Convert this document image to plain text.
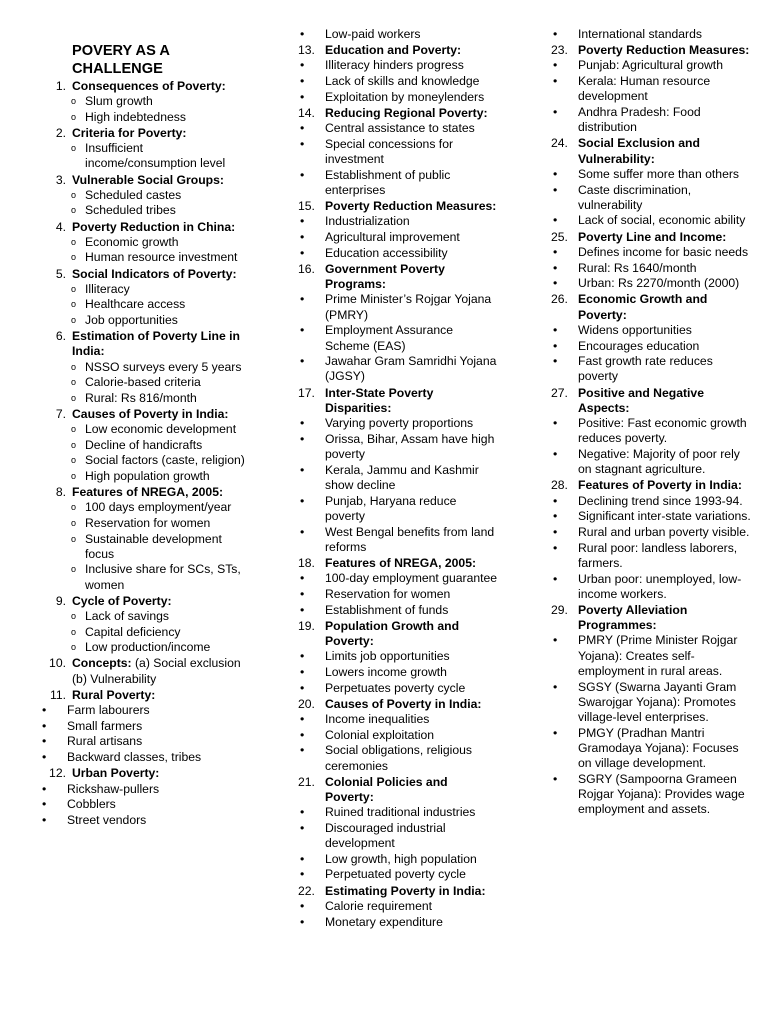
POVERY AS A CHALLENGE
1. Consequences of Poverty:
o Slum growth
o High indebtedness
2. Criteria for Poverty:
o Insufficient income/consumption level
3. Vulnerable Social Groups:
o Scheduled castes
o Scheduled tribes
4. Poverty Reduction in China:
o Economic growth
o Human resource investment
5. Social Indicators of Poverty:
o Illiteracy
o Healthcare access
o Job opportunities
6. Estimation of Poverty Line in India:
o NSSO surveys every 5 years
o Calorie-based criteria
o Rural: Rs 816/month
7. Causes of Poverty in India:
o Low economic development
o Decline of handicrafts
o Social factors (caste, religion)
o High population growth
8. Features of NREGA, 2005:
o 100 days employment/year
o Reservation for women
o Sustainable development focus
o Inclusive share for SCs, STs, women
9. Cycle of Poverty:
o Lack of savings
o Capital deficiency
o Low production/income
10. Concepts: (a) Social exclusion (b) Vulnerability
11. Rural Poverty:
•	Farm labourers
•	Small farmers
•	Rural artisans
•	Backward classes, tribes
12. Urban Poverty:
•	Rickshaw-pullers
•	Cobblers
•	Street vendors
•	Low-paid workers
13. Education and Poverty:
•	Illiteracy hinders progress
•	Lack of skills and knowledge
•	Exploitation by moneylenders
14. Reducing Regional Poverty:
•	Central assistance to states
•	Special concessions for investment
•	Establishment of public enterprises
15. Poverty Reduction Measures:
•	Industrialization
•	Agricultural improvement
•	Education accessibility
16. Government Poverty Programs:
•	Prime Minister’s Rojgar Yojana (PMRY)
•	Employment Assurance Scheme (EAS)
•	Jawahar Gram Samridhi Yojana (JGSY)
17. Inter-State Poverty Disparities:
•	Varying poverty proportions
•	Orissa, Bihar, Assam have high poverty
•	Kerala, Jammu and Kashmir show decline
•	Punjab, Haryana reduce poverty
•	West Bengal benefits from land reforms
18. Features of NREGA, 2005:
•	100-day employment guarantee
•	Reservation for women
•	Establishment of funds
19. Population Growth and Poverty:
•	Limits job opportunities
•	Lowers income growth
•	Perpetuates poverty cycle
20. Causes of Poverty in India:
•	Income inequalities
•	Colonial exploitation
•	Social obligations, religious ceremonies
21. Colonial Policies and Poverty:
•	Ruined traditional industries
•	Discouraged industrial development
•	Low growth, high population
•	Perpetuated poverty cycle
22. Estimating Poverty in India:
•	Calorie requirement
•	Monetary expenditure
•	International standards
23. Poverty Reduction Measures:
•	Punjab: Agricultural growth
•	Kerala: Human resource development
•	Andhra Pradesh: Food distribution
24. Social Exclusion and Vulnerability:
•	Some suffer more than others
•	Caste discrimination, vulnerability
•	Lack of social, economic ability
25. Poverty Line and Income:
•	Defines income for basic needs
•	Rural: Rs 1640/month
•	Urban: Rs 2270/month (2000)
26. Economic Growth and Poverty:
•	Widens opportunities
•	Encourages education
•	Fast growth rate reduces poverty
27. Positive and Negative Aspects:
•	Positive: Fast economic growth reduces poverty.
•	Negative: Majority of poor rely on stagnant agriculture.
28. Features of Poverty in India:
•	Declining trend since 1993-94.
•	Significant inter-state variations.
•	Rural and urban poverty visible.
•	Rural poor: landless laborers, farmers.
•	Urban poor: unemployed, low-income workers.
29. Poverty Alleviation Programmes:
•	PMRY (Prime Minister Rojgar Yojana): Creates self-employment in rural areas.
•	SGSY (Swarna Jayanti Gram Swarojgar Yojana): Promotes village-level enterprises.
•	PMGY (Pradhan Mantri Gramodaya Yojana): Focuses on village development.
•	SGRY (Sampoorna Grameen Rojgar Yojana): Provides wage employment and assets.
